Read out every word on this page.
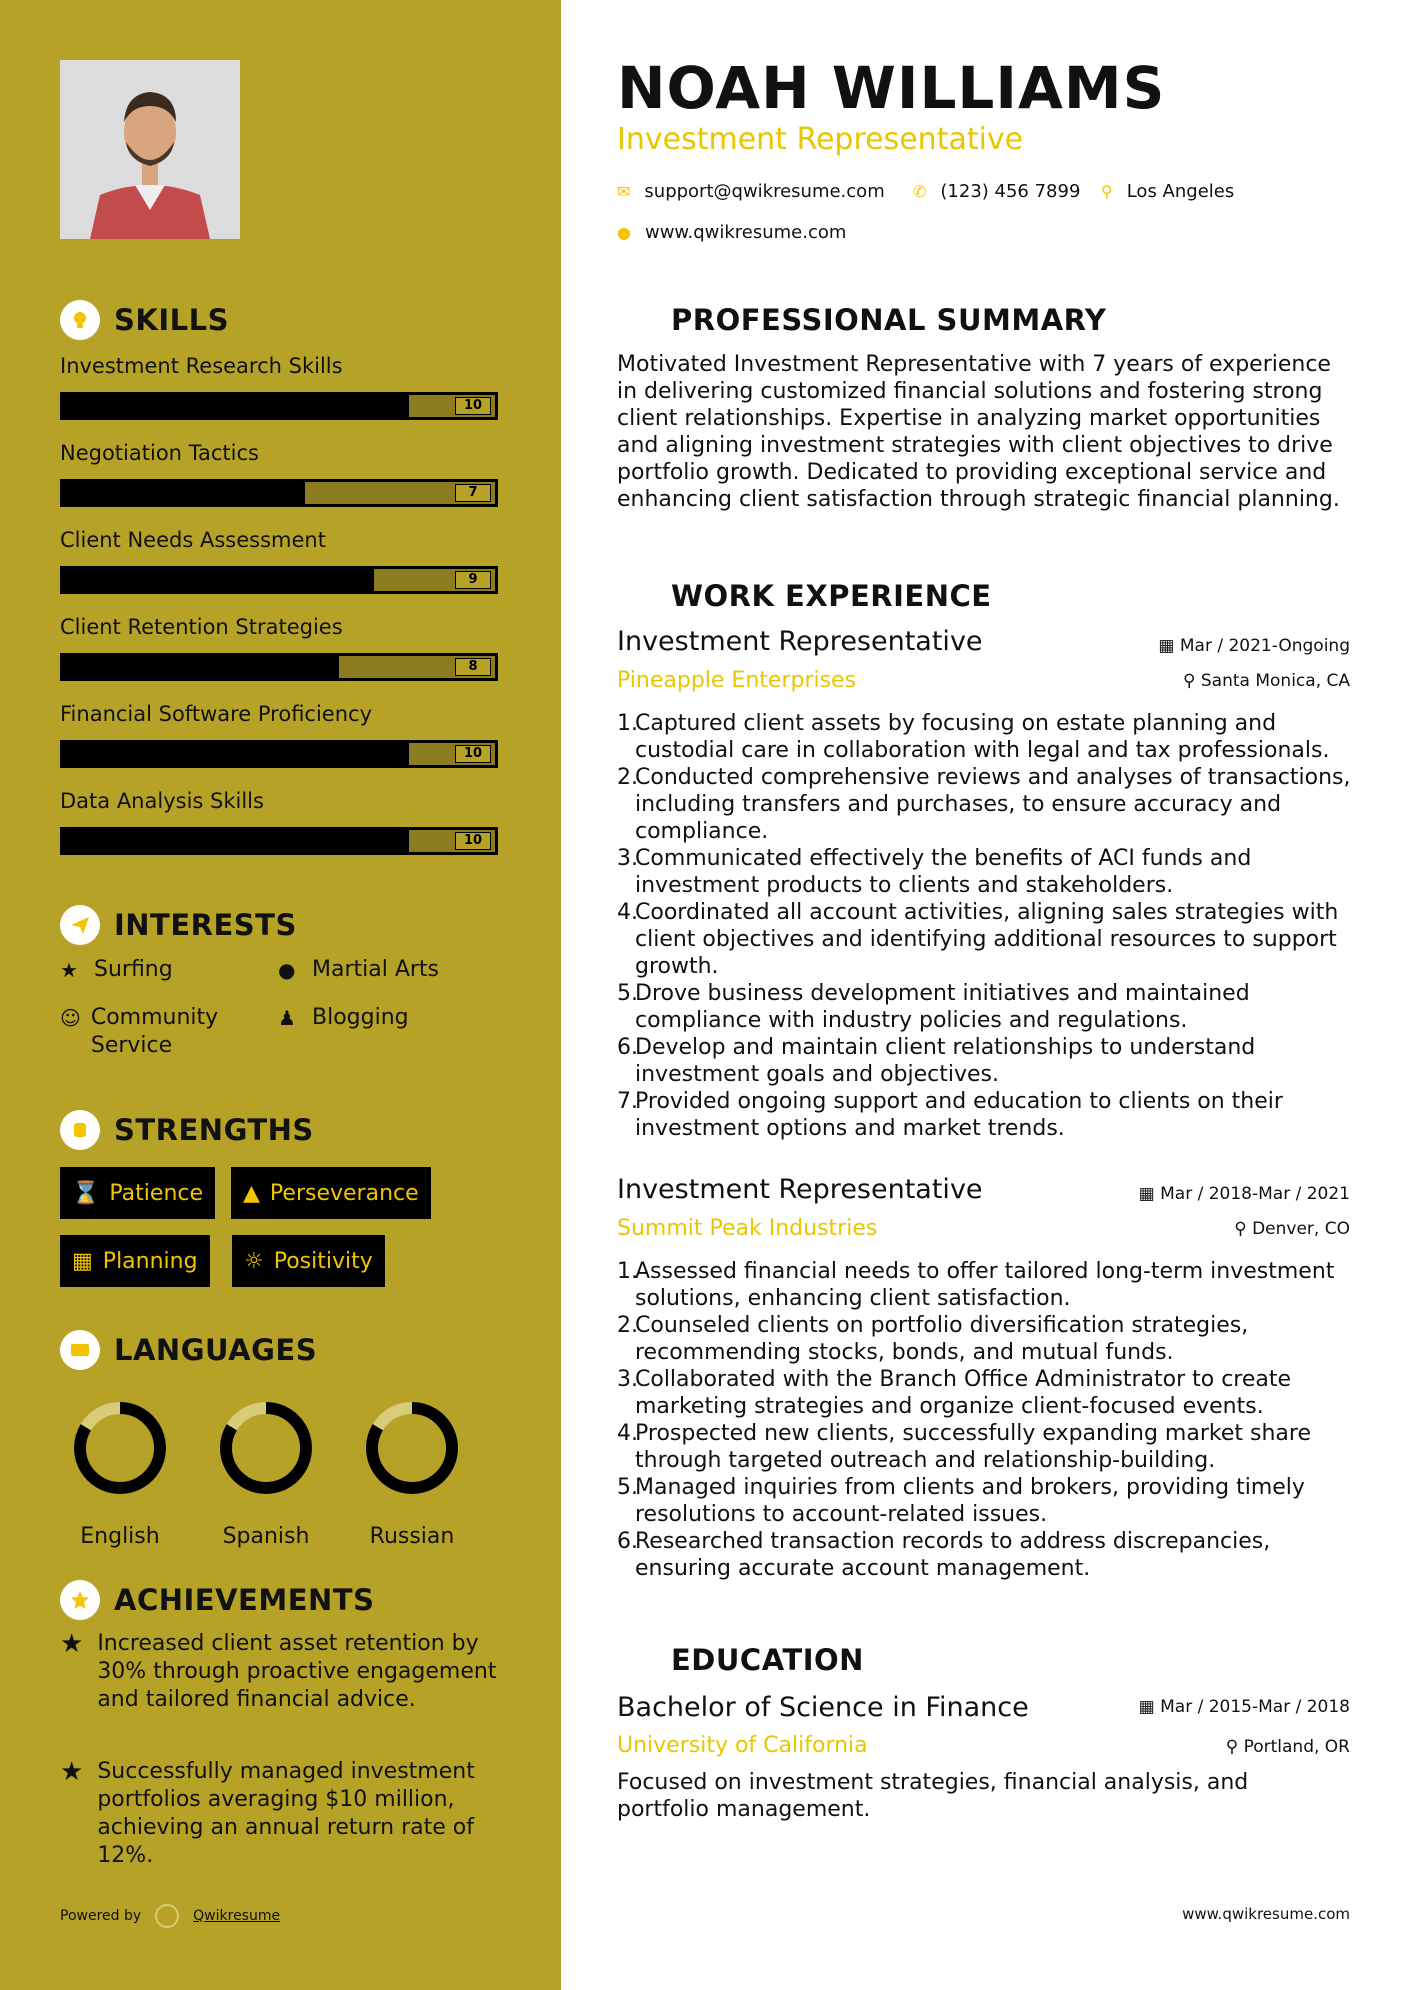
SKILLS
Investment Research Skills
10
Negotiation Tactics
7
Client Needs Assessment
9
Client Retention Strategies
8
Financial Software Proficiency
10
Data Analysis Skills
10
INTERESTS
★ Surfing	● Martial Arts
☺ Community Service
♟ Blogging
STRENGTHS
⌛ Patience ▲ Perseverance
▦ Planning ☼ Positivity
LANGUAGES
English	Spanish	Russian
ACHIEVEMENTS
★ Increased client asset retention by 30% through proactive engagement and tailored financial advice.
★ Successfully managed investment portfolios averaging $10 million, achieving an annual return rate of 12%.
Powered by	Qwikresume
NOAH WILLIAMS
Investment Representative
✉ support@qwikresume.com ✆ (123) 456 7899 ⚲ Los Angeles
● www.qwikresume.com
PROFESSIONAL SUMMARY
Motivated Investment Representative with 7 years of experience in delivering customized financial solutions and fostering strong client relationships. Expertise in analyzing market opportunities and aligning investment strategies with client objectives to drive portfolio growth. Dedicated to providing exceptional service and enhancing client satisfaction through strategic financial planning.
WORK EXPERIENCE
Investment Representative
Pineapple Enterprises
▦ Mar / 2021-Ongoing
⚲ Santa Monica, CA
1.
Captured client assets by focusing on estate planning and custodial care in collaboration with legal and tax professionals.
2.
Conducted comprehensive reviews and analyses of transactions, including transfers and purchases, to ensure accuracy and compliance.
3.
Communicated effectively the benefits of ACI funds and investment products to clients and stakeholders.
4.
Coordinated all account activities, aligning sales strategies with client objectives and identifying additional resources to support growth.
5.
Drove business development initiatives and maintained compliance with industry policies and regulations.
6.
Develop and maintain client relationships to understand investment goals and objectives.
7.
Provided ongoing support and education to clients on their investment options and market trends.
Investment Representative
Summit Peak Industries
▦ Mar / 2018-Mar / 2021
⚲ Denver, CO
1.
Assessed financial needs to offer tailored long-term investment solutions, enhancing client satisfaction.
2.
Counseled clients on portfolio diversification strategies, recommending stocks, bonds, and mutual funds.
3.
Collaborated with the Branch Office Administrator to create marketing strategies and organize client-focused events.
4.
Prospected new clients, successfully expanding market share through targeted outreach and relationship-building.
5.
Managed inquiries from clients and brokers, providing timely resolutions to account-related issues.
6.
Researched transaction records to address discrepancies, ensuring accurate account management.
EDUCATION
Bachelor of Science in Finance
University of California
▦ Mar / 2015-Mar / 2018
⚲ Portland, OR
Focused on investment strategies, financial analysis, and portfolio management.
www.qwikresume.com
